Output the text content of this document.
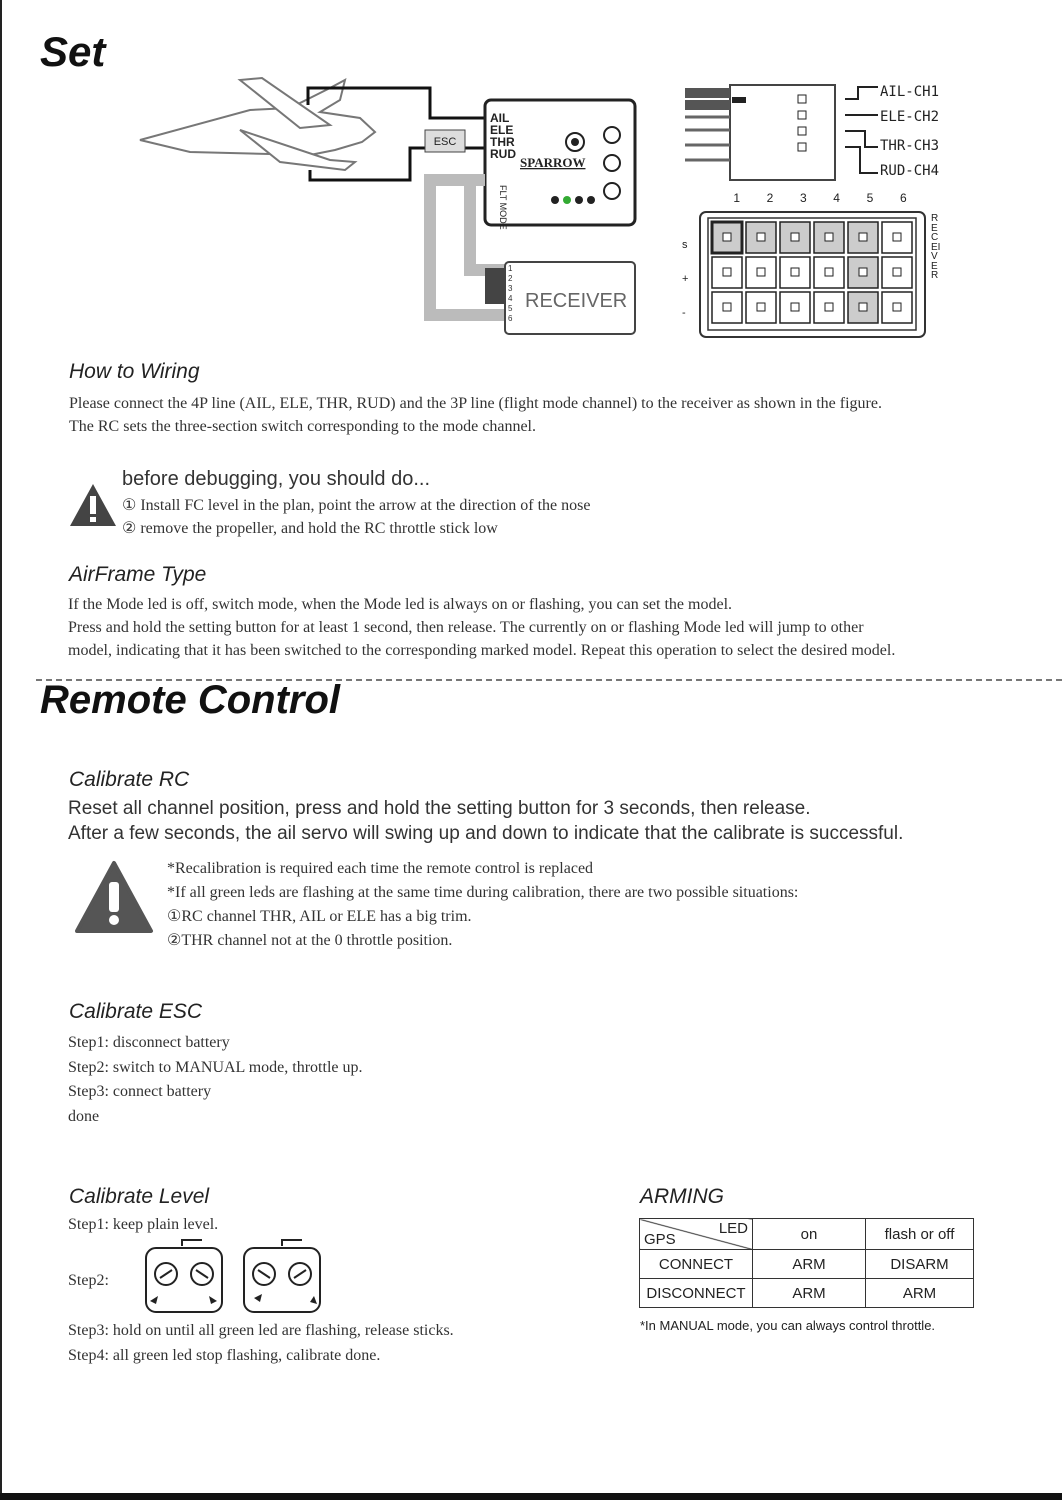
Set
ESC
AIL
ELE
THR
RUD
SPARROW
FLT MODE
RECEIVER
1
2
3
4
5
6
AIL-CH1
ELE-CH2
THR-CH3
RUD-CH4
1	2	3	4	5	6
s
+
-
RECEIVER
How to Wiring
Please connect the 4P line (AIL, ELE, THR, RUD) and the 3P line (flight mode channel) to the receiver as shown in the figure.
The RC sets the three-section switch corresponding to the mode channel.
before debugging, you should do...
① Install FC level in the plan, point the arrow at the direction of the nose
② remove the propeller, and hold the RC throttle stick low
AirFrame Type
If the Mode led is off, switch mode, when the Mode led is always on or flashing, you can set the model.
Press and hold the setting button for at least 1 second, then release. The currently on or flashing Mode led will jump to other
model, indicating that it has been switched to the corresponding marked model. Repeat this operation to select the desired model.
Remote Control
Calibrate RC
Reset all channel position, press and hold the setting button for 3 seconds, then release.
After a few seconds, the ail servo will swing up and down to indicate that the calibrate is successful.
*Recalibration is required each time the remote control is replaced
*If all green leds are flashing at the same time during calibration, there are two possible situations:
①RC channel THR, AIL or ELE has a big trim.
②THR channel not at the 0 throttle position.
Calibrate ESC
Step1: disconnect battery
Step2: switch to MANUAL mode, throttle up.
Step3: connect battery
done
Calibrate Level
Step1: keep plain level.
Step2:
Step3: hold on until all green led are flashing, release sticks.
Step4: all green led stop flashing, calibrate done.
ARMING
LED
GPS	on	flash or off
CONNECT	ARM	DISARM
DISCONNECT	ARM	ARM
*In MANUAL mode, you can always control throttle.
